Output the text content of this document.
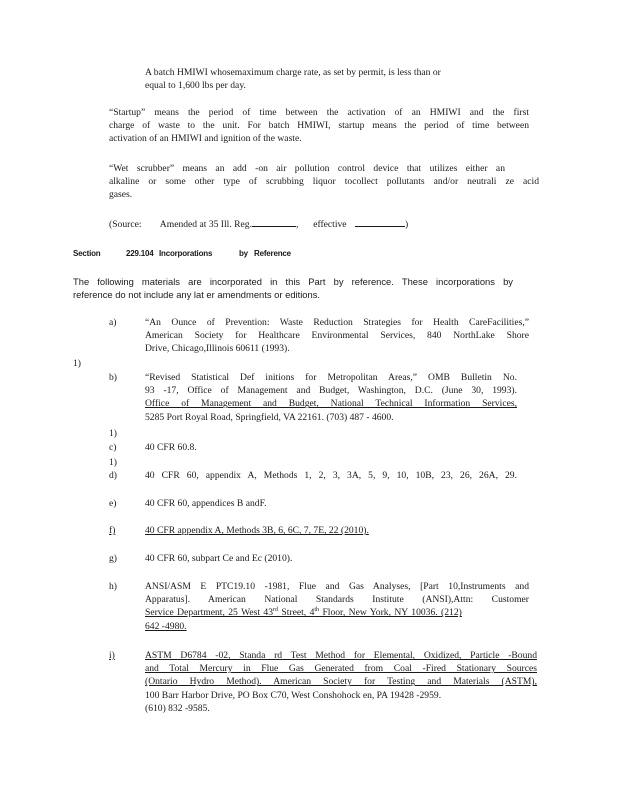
A batch HMIWI whosemaximum charge rate, as set by permit, is less than or

equal to 1,600 lbs per day.

“Startup” means the period of time between the activation of an HMIWI and the first

charge of waste to the unit. For batch HMIWI, startup means the period of time between

activation of an HMIWI and ignition of the waste.

“Wet scrubber” means an add -on air pollution control device that utilizes either an

alkaline or some other type of scrubbing liquor tocollect pollutants and/or neutrali ze acid

gases.

(Source: Amended at 35 Ill. Reg.	,  effective	)
Section	229.104 Incorporations	by Reference

The following materials are incorporated in this Part by reference. These incorporations by

reference do not include any lat er amendments or editions.

1)
1)
1)
a)	“An Ounce of Prevention: Waste Reduction Strategies for Health CareFacilities,”

American Society for Healthcare Environmental Services, 840 NorthLake Shore

Drive, Chicago,Illinois 60611 (1993).

b)	“Revised Statistical Def initions for Metropolitan Areas,” OMB Bulletin No.

93 -17, Office of Management and Budget, Washington, D.C. (June 30, 1993).

Office of Management and Budget, National Technical Information Services,

5285 Port Royal Road, Springfield, VA 22161. (703) 487 - 4600.

c)	40 CFR 60.8.

d)	40 CFR 60, appendix A, Methods 1, 2, 3, 3A, 5, 9, 10, 10B, 23, 26, 26A, 29.

e)	40 CFR 60, appendices B andF.

f)	40 CFR appendix A, Methods 3B, 6, 6C, 7, 7E, 22 (2010).

g)	40 CFR 60, subpart Ce and Ec (2010).

h)	ANSI/ASM E PTC19.10 -1981, Flue and Gas Analyses, [Part 10,Instruments and

Apparatus]. American National Standards Institute (ANSI),Attn: Customer

Service Department, 25 West 43rd Street, 4th Floor, New York, NY 10036. (212)

642 -4980.

i)	ASTM D6784 -02, Standa rd Test Method for Elemental, Oxidized, Particle -Bound

and Total Mercury in Flue Gas Generated from Coal -Fired Stationary Sources

(Ontario Hydro Method). American Society for Testing and Materials (ASTM),

100 Barr Harbor Drive, PO Box C70, West Conshohock en, PA 19428 -2959.

(610) 832 -9585.
